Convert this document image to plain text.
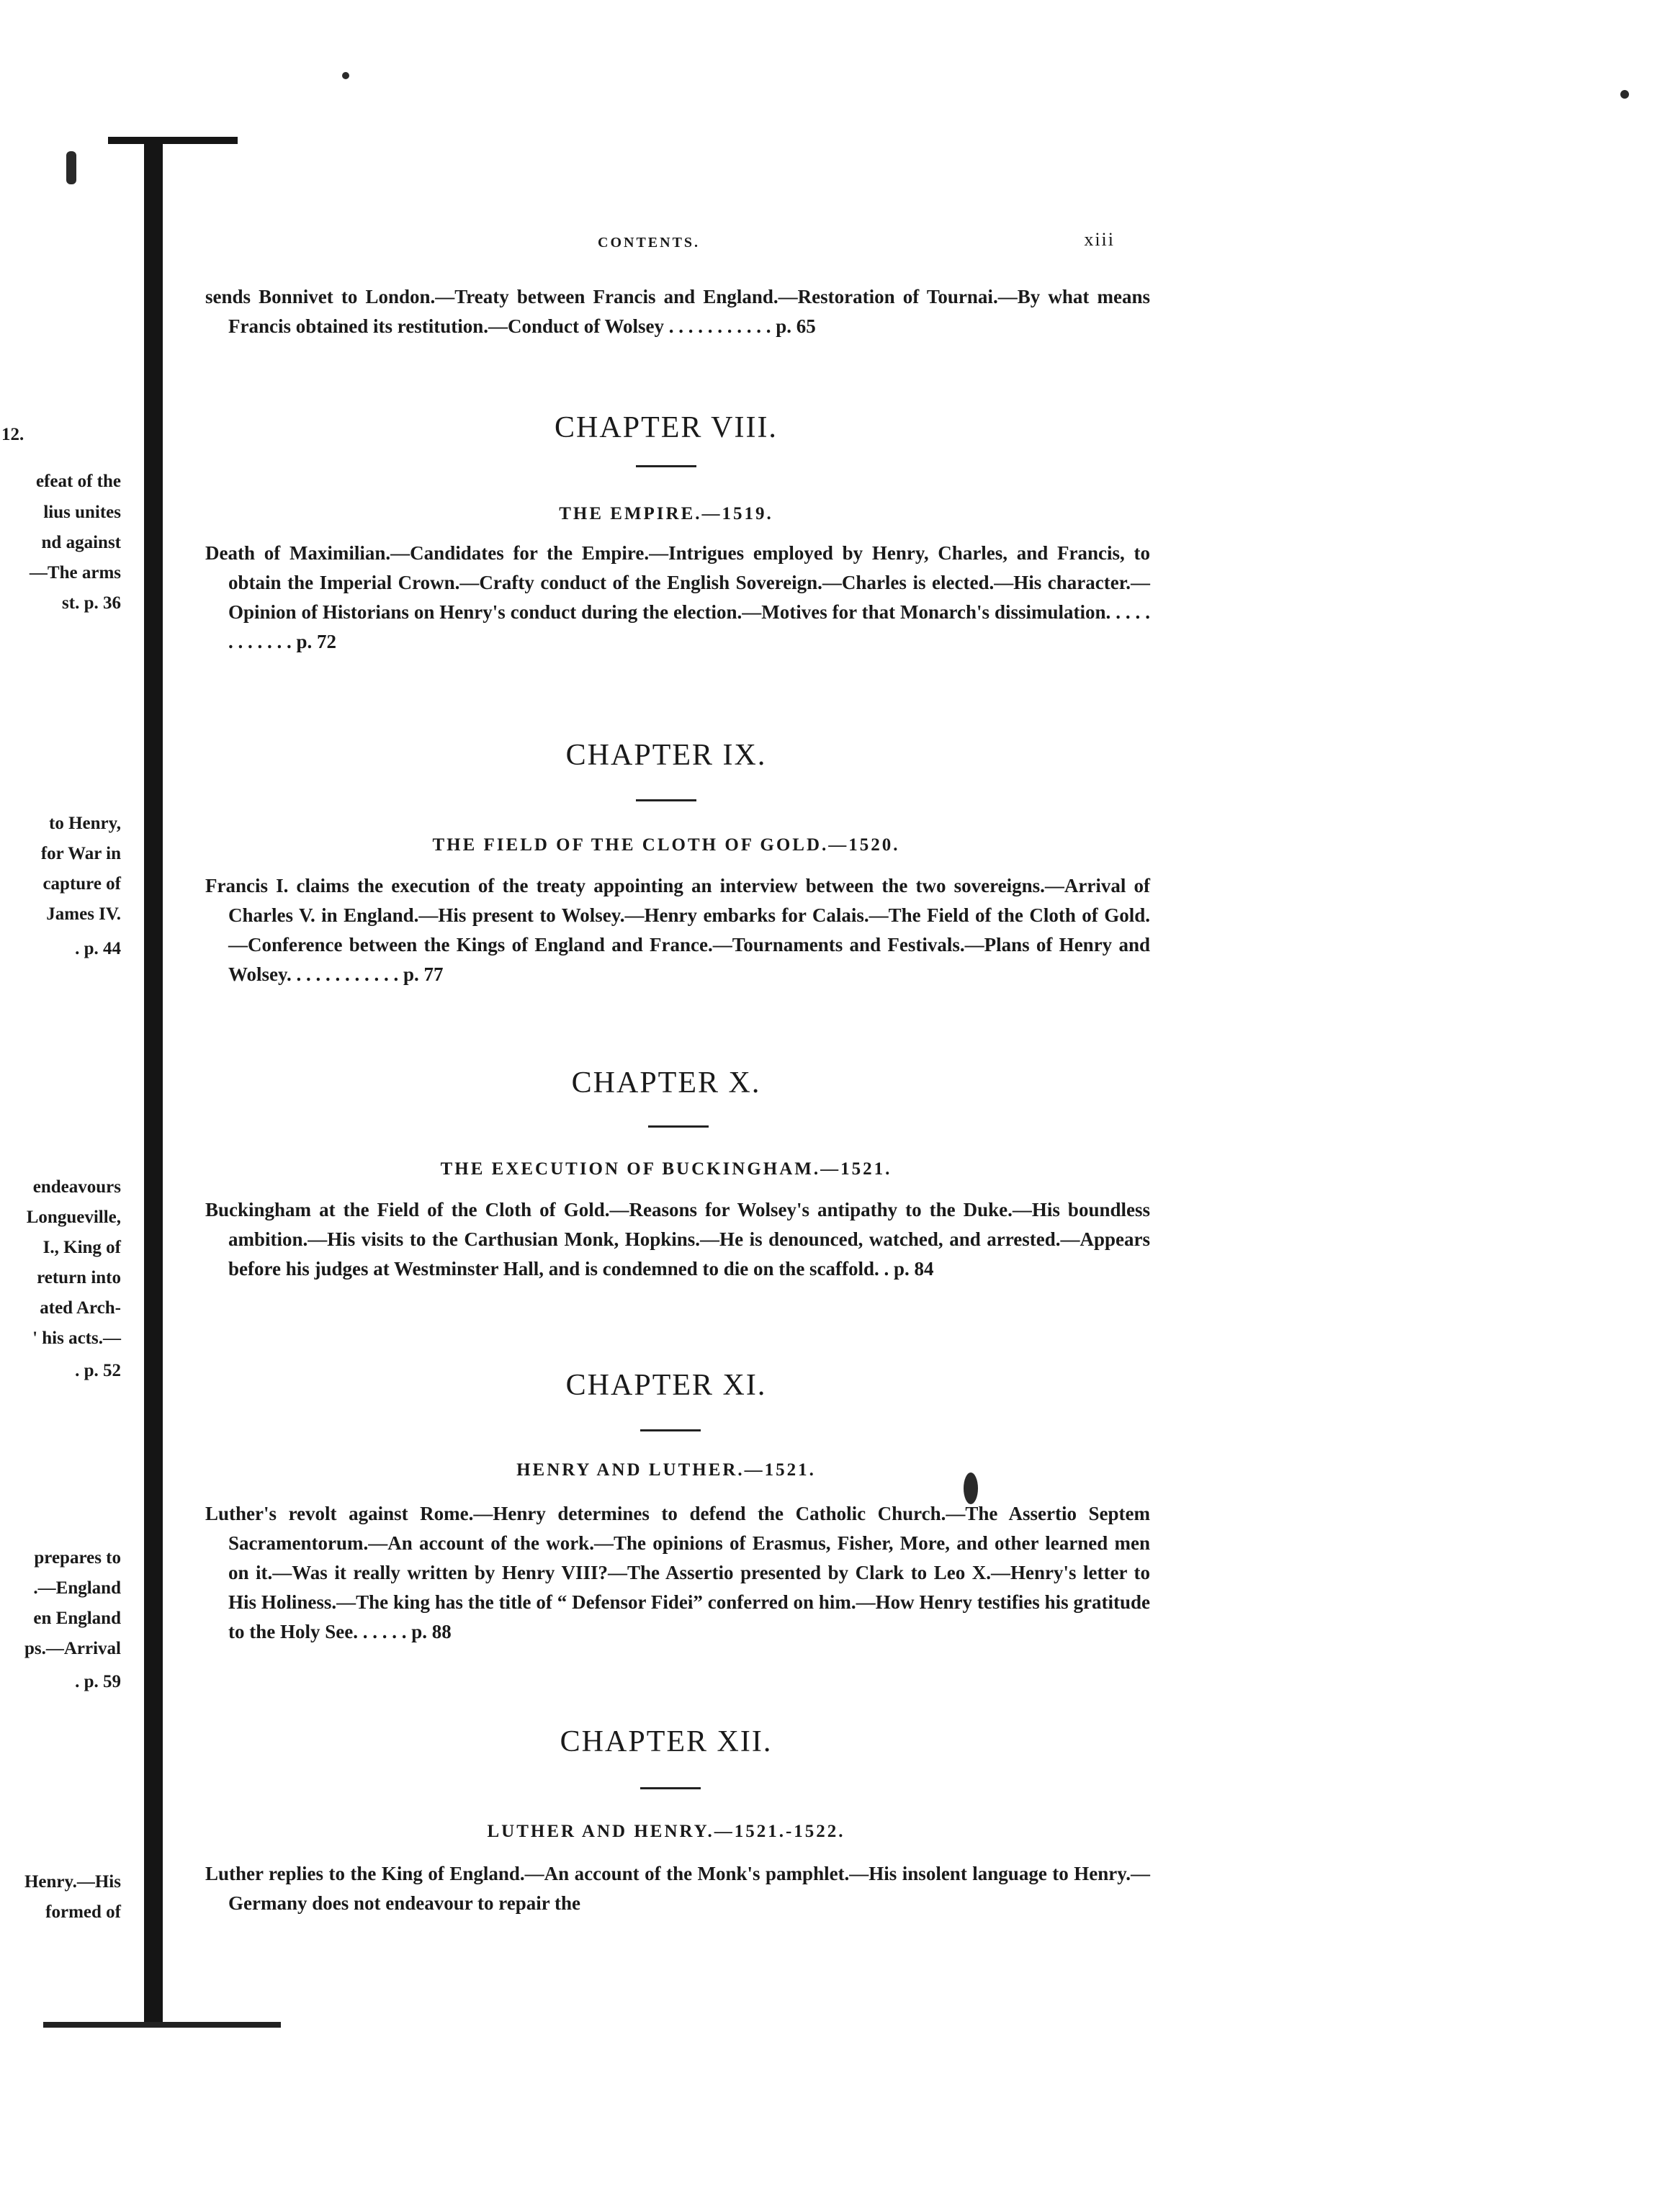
12.
efeat of the
lius unites
nd against
—The arms
st. p. 36
to Henry,
for War in
capture of
James IV.
. p. 44
endeavours
Longueville,
I., King of
return into
ated Arch-
' his acts.—
. p. 52
prepares to
.—England
en England
ps.—Arrival
. p. 59
Henry.—His
formed of
CONTENTS.	xiii
sends Bonnivet to London.—Treaty between Francis and England.—Restoration of Tournai.—By what means Francis obtained its restitution.—Conduct of Wolsey . . . . . . . . . . . p. 65
CHAPTER VIII.
THE EMPIRE.—1519.
Death of Maximilian.—Candidates for the Empire.—Intrigues employed by Henry, Charles, and Francis, to obtain the Imperial Crown.—Crafty conduct of the English Sovereign.—Charles is elected.—His character.—Opinion of Historians on Henry's conduct during the election.—Motives for that Monarch's dissimulation. . . . . . . . . . . . p. 72
CHAPTER IX.
THE FIELD OF THE CLOTH OF GOLD.—1520.
Francis I. claims the execution of the treaty appointing an interview between the two sovereigns.—Arrival of Charles V. in England.—His present to Wolsey.—Henry embarks for Calais.—The Field of the Cloth of Gold.—Conference between the Kings of England and France.—Tournaments and Festivals.—Plans of Henry and Wolsey. . . . . . . . . . . . p. 77
CHAPTER X.
THE EXECUTION OF BUCKINGHAM.—1521.
Buckingham at the Field of the Cloth of Gold.—Reasons for Wolsey's antipathy to the Duke.—His boundless ambition.—His visits to the Carthusian Monk, Hopkins.—He is denounced, watched, and arrested.—Appears before his judges at Westminster Hall, and is condemned to die on the scaffold. . p. 84
CHAPTER XI.
HENRY AND LUTHER.—1521.
Luther's revolt against Rome.—Henry determines to defend the Catholic Church.—The Assertio Septem Sacramentorum.—An account of the work.—The opinions of Erasmus, Fisher, More, and other learned men on it.—Was it really written by Henry VIII?—The Assertio presented by Clark to Leo X.—Henry's letter to His Holiness.—The king has the title of “ Defensor Fidei” conferred on him.—How Henry testifies his gratitude to the Holy See. . . . . . p. 88
CHAPTER XII.
LUTHER AND HENRY.—1521.-1522.
Luther replies to the King of England.—An account of the Monk's pamphlet.—His insolent language to Henry.—Germany does not endeavour to repair the
